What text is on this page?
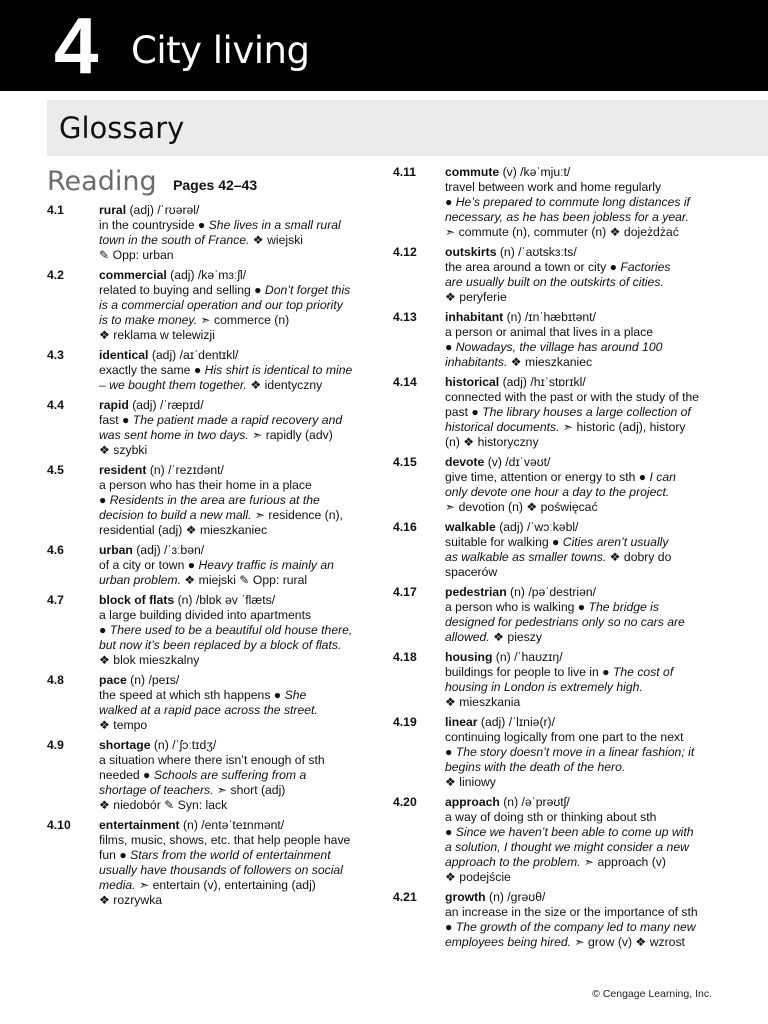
4 City living
Glossary
Reading Pages 42–43
4.1	rural (adj) /ˈrʊərəl/
in the countryside ● She lives in a small rural
town in the south of France. ❖ wiejski
✎ Opp: urban
4.2	commercial (adj) /kəˈmɜːʃl/
related to buying and selling ● Don’t forget this
is a commercial operation and our top priority
is to make money. ➣ commerce (n)
❖ reklama w telewizji
4.3	identical (adj) /aɪˈdentɪkl/
exactly the same ● His shirt is identical to mine
– we bought them together. ❖ identyczny
4.4	rapid (adj) /ˈræpɪd/
fast ● The patient made a rapid recovery and
was sent home in two days. ➣ rapidly (adv)
❖ szybki
4.5	resident (n) /ˈrezɪdənt/
a person who has their home in a place
● Residents in the area are furious at the
decision to build a new mall. ➣ residence (n),
residential (adj) ❖ mieszkaniec
4.6	urban (adj) /ˈɜːbən/
of a city or town ● Heavy traffic is mainly an
urban problem. ❖ miejski ✎ Opp: rural
4.7	block of flats (n) /blɒk əv ˈflæts/
a large building divided into apartments
● There used to be a beautiful old house there,
but now it’s been replaced by a block of flats.
❖ blok mieszkalny
4.8	pace (n) /peɪs/
the speed at which sth happens ● She
walked at a rapid pace across the street.
❖ tempo
4.9	shortage (n) /ˈʃɔːtɪdʒ/
a situation where there isn’t enough of sth
needed ● Schools are suffering from a
shortage of teachers. ➣ short (adj)
❖ niedobór ✎ Syn: lack
4.10	entertainment (n) /entəˈteɪnmənt/
films, music, shows, etc. that help people have
fun ● Stars from the world of entertainment
usually have thousands of followers on social
media. ➣ entertain (v), entertaining (adj)
❖ rozrywka
4.11	commute (v) /kəˈmjuːt/
travel between work and home regularly
● He’s prepared to commute long distances if
necessary, as he has been jobless for a year.
➣ commute (n), commuter (n) ❖ dojeżdżać
4.12	outskirts (n) /ˈaʊtskɜːts/
the area around a town or city ● Factories
are usually built on the outskirts of cities.
❖ peryferie
4.13	inhabitant (n) /ɪnˈhæbɪtənt/
a person or animal that lives in a place
● Nowadays, the village has around 100
inhabitants. ❖ mieszkaniec
4.14	historical (adj) /hɪˈstɒrɪkl/
connected with the past or with the study of the
past ● The library houses a large collection of
historical documents. ➣ historic (adj), history
(n) ❖ historyczny
4.15	devote (v) /dɪˈvəʊt/
give time, attention or energy to sth ● I can
only devote one hour a day to the project.
➣ devotion (n) ❖ poświęcać
4.16	walkable (adj) /ˈwɔːkəbl/
suitable for walking ● Cities aren’t usually
as walkable as smaller towns. ❖ dobry do
spacerów
4.17	pedestrian (n) /pəˈdestriən/
a person who is walking ● The bridge is
designed for pedestrians only so no cars are
allowed. ❖ pieszy
4.18	housing (n) /ˈhaʊzɪŋ/
buildings for people to live in ● The cost of
housing in London is extremely high.
❖ mieszkania
4.19	linear (adj) /ˈlɪniə(r)/
continuing logically from one part to the next
● The story doesn’t move in a linear fashion; it
begins with the death of the hero.
❖ liniowy
4.20	approach (n) /əˈprəʊtʃ/
a way of doing sth or thinking about sth
● Since we haven’t been able to come up with
a solution, I thought we might consider a new
approach to the problem. ➣ approach (v)
❖ podejście
4.21	growth (n) /ɡrəʊθ/
an increase in the size or the importance of sth
● The growth of the company led to many new
employees being hired. ➣ grow (v) ❖ wzrost
© Cengage Learning, Inc.
